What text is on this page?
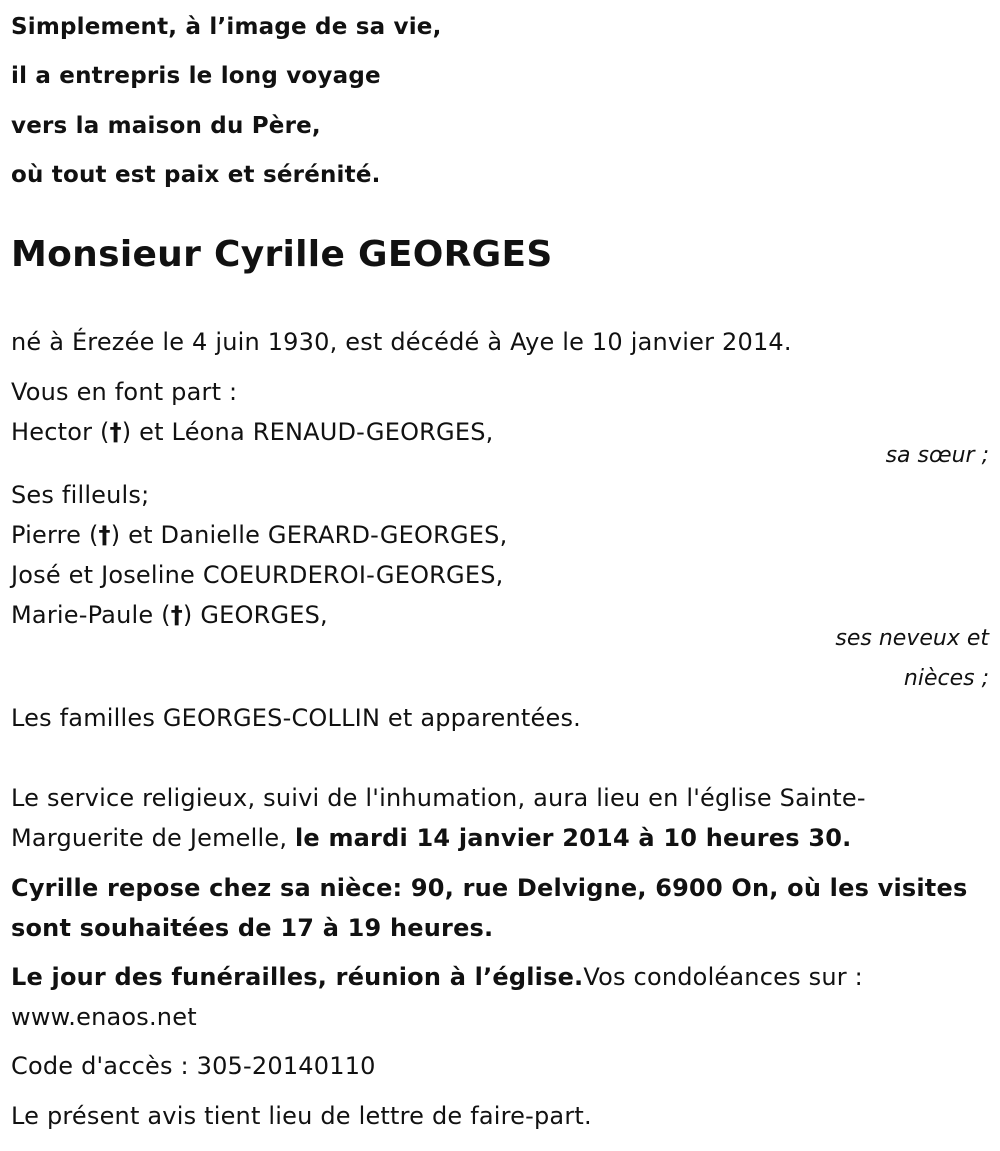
Simplement, à l’image de sa vie,
il a entrepris le long voyage
vers la maison du Père,
où tout est paix et sérénité.
Monsieur Cyrille GEORGES
né à Érezée le 4 juin 1930, est décédé à Aye le 10 janvier 2014.
Vous en font part :
Hector (†) et Léona RENAUD-GEORGES,
sa sœur ;
Ses filleuls;
Pierre (†) et Danielle GERARD-GEORGES,
José et Joseline COEURDEROI-GEORGES,
Marie-Paule (†) GEORGES,
ses neveux et
nièces ;
Les familles GEORGES-COLLIN et apparentées.
Le service religieux, suivi de l'inhumation, aura lieu en l'église Sainte-
Marguerite de Jemelle, le mardi 14 janvier 2014 à 10 heures 30.
Cyrille repose chez sa nièce: 90, rue Delvigne, 6900 On, où les visites
sont souhaitées de 17 à 19 heures.
Le jour des funérailles, réunion à l’église.Vos condoléances sur :
www.enaos.net
Code d'accès : 305-20140110
Le présent avis tient lieu de lettre de faire-part.
